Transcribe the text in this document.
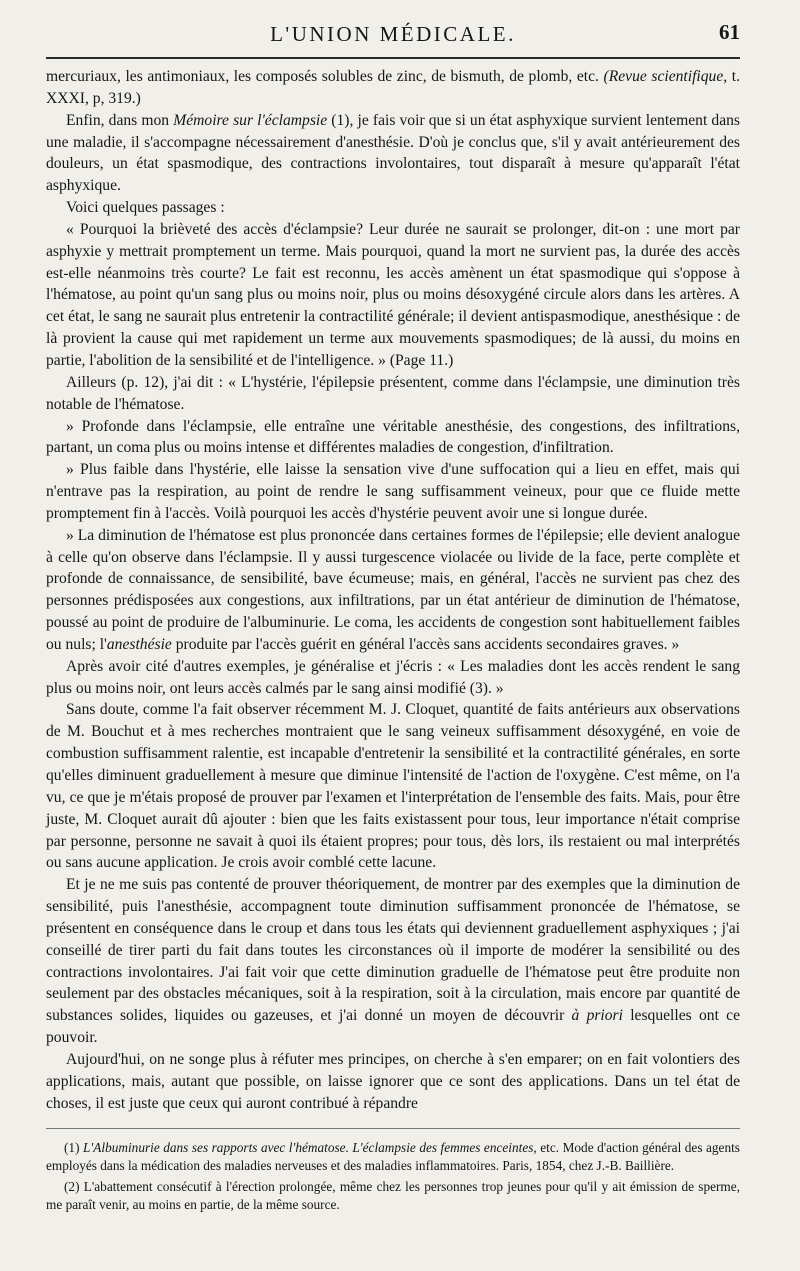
L'UNION MÉDICALE.	61

mercuriaux, les antimoniaux, les composés solubles de zinc, de bismuth, de plomb, etc. (Revue scientifique, t. XXXI, p, 319.)

Enfin, dans mon Mémoire sur l'éclampsie (1), je fais voir que si un état asphyxique survient lentement dans une maladie, il s'accompagne nécessairement d'anesthésie. D'où je conclus que, s'il y avait antérieurement des douleurs, un état spasmodique, des contractions involontaires, tout disparaît à mesure qu'apparaît l'état asphyxique.

Voici quelques passages :

« Pourquoi la brièveté des accès d'éclampsie? Leur durée ne saurait se prolonger, dit-on : une mort par asphyxie y mettrait promptement un terme. Mais pourquoi, quand la mort ne survient pas, la durée des accès est-elle néanmoins très courte? Le fait est reconnu, les accès amènent un état spasmodique qui s'oppose à l'hématose, au point qu'un sang plus ou moins noir, plus ou moins désoxygéné circule alors dans les artères. A cet état, le sang ne saurait plus entretenir la contractilité générale; il devient antispasmodique, anesthésique : de là provient la cause qui met rapidement un terme aux mouvements spasmodiques; de là aussi, du moins en partie, l'abolition de la sensibilité et de l'intelligence. » (Page 11.)

Ailleurs (p. 12), j'ai dit : « L'hystérie, l'épilepsie présentent, comme dans l'éclampsie, une diminution très notable de l'hématose.

» Profonde dans l'éclampsie, elle entraîne une véritable anesthésie, des congestions, des infiltrations, partant, un coma plus ou moins intense et différentes maladies de congestion, d'infiltration.

» Plus faible dans l'hystérie, elle laisse la sensation vive d'une suffocation qui a lieu en effet, mais qui n'entrave pas la respiration, au point de rendre le sang suffisamment veineux, pour que ce fluide mette promptement fin à l'accès. Voilà pourquoi les accès d'hystérie peuvent avoir une si longue durée.

» La diminution de l'hématose est plus prononcée dans certaines formes de l'épilepsie; elle devient analogue à celle qu'on observe dans l'éclampsie. Il y aussi turgescence violacée ou livide de la face, perte complète et profonde de connaissance, de sensibilité, bave écumeuse; mais, en général, l'accès ne survient pas chez des personnes prédisposées aux congestions, aux infiltrations, par un état antérieur de diminution de l'hématose, poussé au point de produire de l'albuminurie. Le coma, les accidents de congestion sont habituellement faibles ou nuls; l'anesthésie produite par l'accès guérit en général l'accès sans accidents secondaires graves. »

Après avoir cité d'autres exemples, je généralise et j'écris : « Les maladies dont les accès rendent le sang plus ou moins noir, ont leurs accès calmés par le sang ainsi modifié (3). »

Sans doute, comme l'a fait observer récemment M. J. Cloquet, quantité de faits antérieurs aux observations de M. Bouchut et à mes recherches montraient que le sang veineux suffisamment désoxygéné, en voie de combustion suffisamment ralentie, est incapable d'entretenir la sensibilité et la contractilité générales, en sorte qu'elles diminuent graduellement à mesure que diminue l'intensité de l'action de l'oxygène. C'est même, on l'a vu, ce que je m'étais proposé de prouver par l'examen et l'interprétation de l'ensemble des faits. Mais, pour être juste, M. Cloquet aurait dû ajouter : bien que les faits existassent pour tous, leur importance n'était comprise par personne, personne ne savait à quoi ils étaient propres; pour tous, dès lors, ils restaient ou mal interprétés ou sans aucune application. Je crois avoir comblé cette lacune.

Et je ne me suis pas contenté de prouver théoriquement, de montrer par des exemples que la diminution de sensibilité, puis l'anesthésie, accompagnent toute diminution suffisamment prononcée de l'hématose, se présentent en conséquence dans le croup et dans tous les états qui deviennent graduellement asphyxiques ; j'ai conseillé de tirer parti du fait dans toutes les circonstances où il importe de modérer la sensibilité ou des contractions involontaires. J'ai fait voir que cette diminution graduelle de l'hématose peut être produite non seulement par des obstacles mécaniques, soit à la respiration, soit à la circulation, mais encore par quantité de substances solides, liquides ou gazeuses, et j'ai donné un moyen de découvrir à priori lesquelles ont ce pouvoir.

Aujourd'hui, on ne songe plus à réfuter mes principes, on cherche à s'en emparer; on en fait volontiers des applications, mais, autant que possible, on laisse ignorer que ce sont des applications. Dans un tel état de choses, il est juste que ceux qui auront contribué à répandre

(1) L'Albuminurie dans ses rapports avec l'hématose. L'éclampsie des femmes enceintes, etc. Mode d'action général des agents employés dans la médication des maladies nerveuses et des maladies inflammatoires. Paris, 1854, chez J.-B. Baillière.

(2) L'abattement consécutif à l'érection prolongée, même chez les personnes trop jeunes pour qu'il y ait émission de sperme, me paraît venir, au moins en partie, de la même source.
